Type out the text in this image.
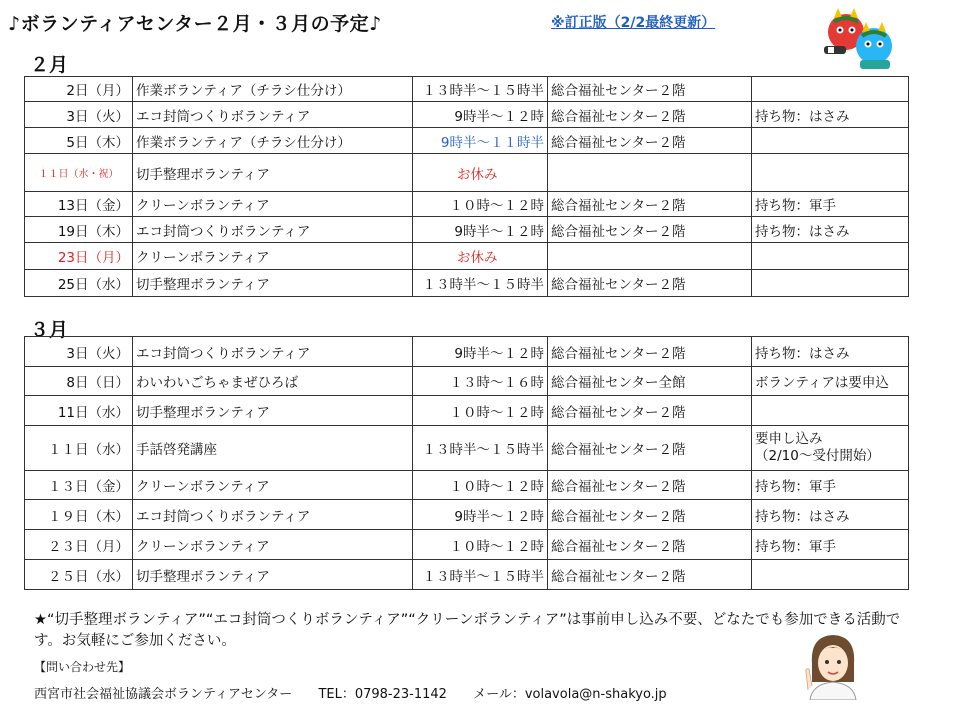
♪ボランティアセンター２月・３月の予定♪	※訂正版（2/2最終更新）
２月
2日（月）	作業ボランティア（チラシ仕分け）	１３時半～１５時半	総合福祉センター２階	
3日（火）	エコ封筒つくりボランティア	9時半～１２時	総合福祉センター２階	持ち物：はさみ
5日（木）	作業ボランティア（チラシ仕分け）	9時半～１１時半	総合福祉センター２階	
１１日（水・祝）	切手整理ボランティア	お休み		
13日（金）	クリーンボランティア	１０時～１２時	総合福祉センター２階	持ち物：軍手
19日（木）	エコ封筒つくりボランティア	9時半～１２時	総合福祉センター２階	持ち物：はさみ
23日（月）	クリーンボランティア	お休み		
25日（水）	切手整理ボランティア	１３時半～１５時半	総合福祉センター２階	
３月
3日（火）	エコ封筒つくりボランティア	9時半～１２時	総合福祉センター２階	持ち物：はさみ
8日（日）	わいわいごちゃまぜひろば	１３時～１６時	総合福祉センター全館	ボランティアは要申込
11日（水）	切手整理ボランティア	１０時～１２時	総合福祉センター２階	
１１日（水）	手話啓発講座	１３時半～１５時半	総合福祉センター２階	要申し込み
（2/10～受付開始）

１３日（金）	クリーンボランティア	１０時～１２時	総合福祉センター２階	持ち物：軍手
１９日（木）	エコ封筒つくりボランティア	9時半～１２時	総合福祉センター２階	持ち物：はさみ
２３日（月）	クリーンボランティア	１０時～１２時	総合福祉センター２階	持ち物：軍手
２５日（水）	切手整理ボランティア	１３時半～１５時半	総合福祉センター２階	
★“切手整理ボランティア”“エコ封筒つくりボランティア”“クリーンボランティア”は事前申し込み不要、どなたでも参加できる活動です。お気軽にご参加ください。
【問い合わせ先】
西宮市社会福祉協議会ボランティアセンター TEL：0798-23-1142 メール：volavola@n-shakyo.jp
